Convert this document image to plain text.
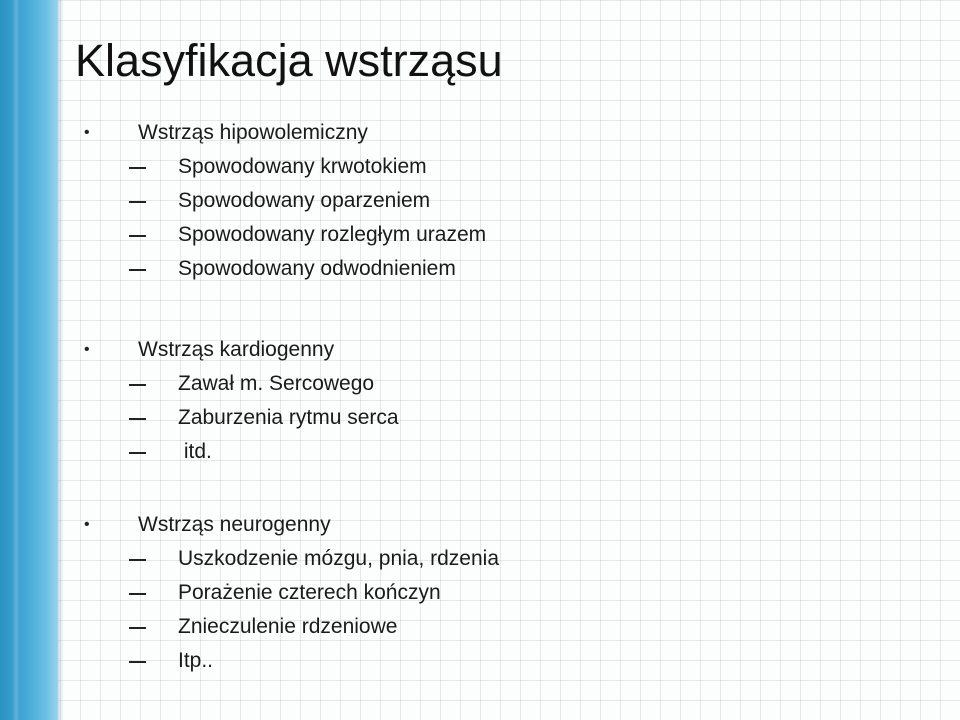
Klasyfikacja wstrząsu
• Wstrząs hipowolemiczny
Spowodowany krwotokiem
Spowodowany oparzeniem
Spowodowany rozległym urazem
Spowodowany odwodnieniem
• Wstrząs kardiogenny
Zawał m. Sercowego
Zaburzenia rytmu serca
itd.
• Wstrząs neurogenny
Uszkodzenie mózgu, pnia, rdzenia
Porażenie czterech kończyn
Znieczulenie rdzeniowe
Itp..
